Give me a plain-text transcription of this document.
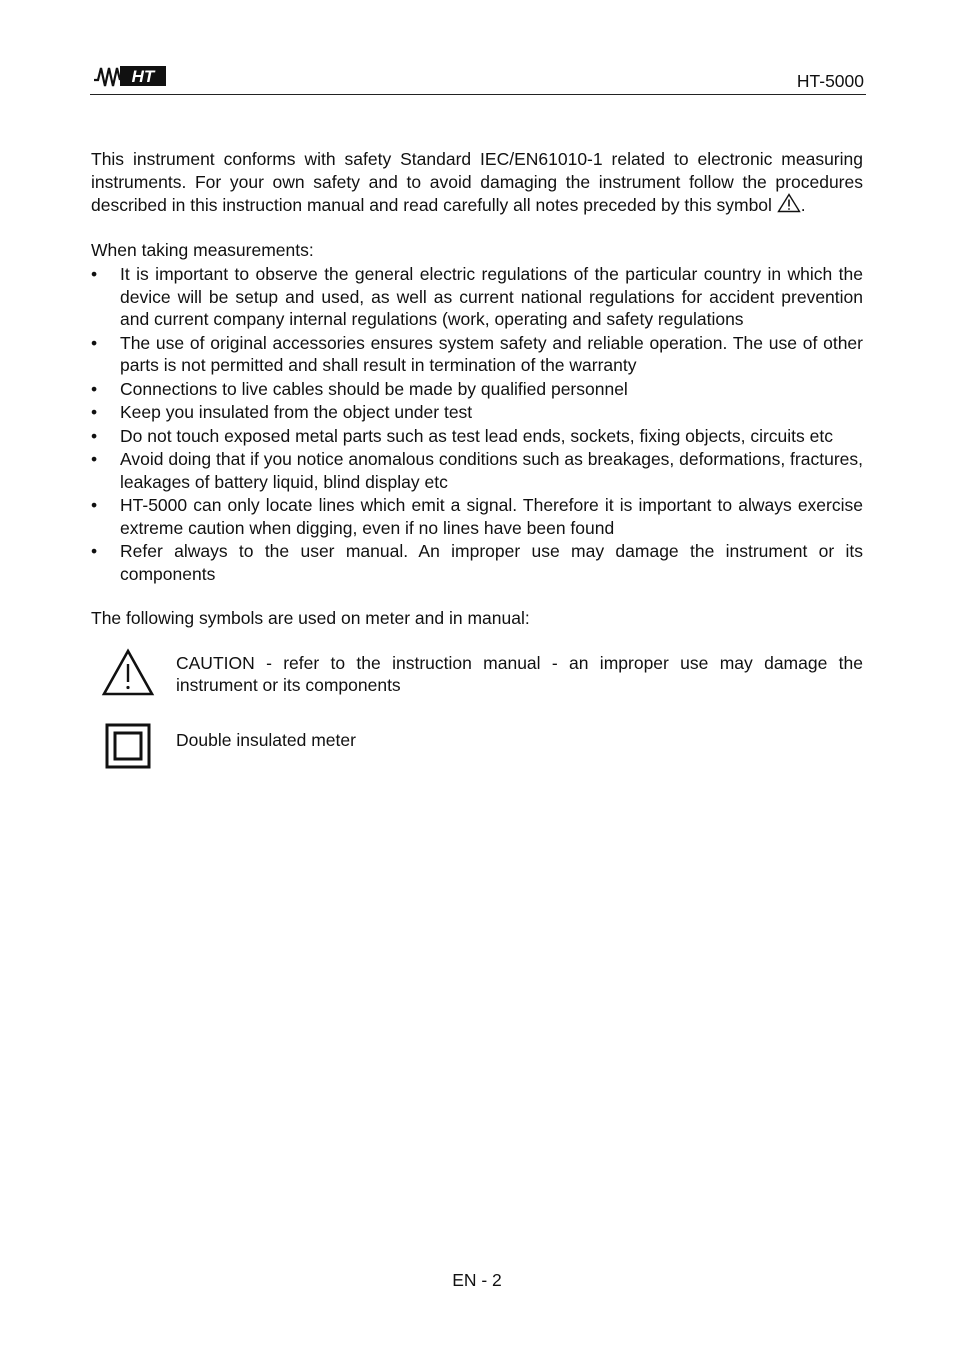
HT	HT-5000

This instrument conforms with safety Standard IEC/EN61010-1 related to electronic measuring instruments. For your own safety and to avoid damaging the instrument follow the procedures described in this instruction manual and read carefully all notes preceded by this symbol .

When taking measurements:

• It is important to observe the general electric regulations of the particular country in which the device will be setup and used, as well as current national regulations for accident prevention and current company internal regulations (work, operating and safety regulations
• The use of original accessories ensures system safety and reliable operation. The use of other parts is not permitted and shall result in termination of the warranty
• Connections to live cables should be made by qualified personnel
• Keep you insulated from the object under test
• Do not touch exposed metal parts such as test lead ends, sockets, fixing objects, circuits etc
• Avoid doing that if you notice anomalous conditions such as breakages, deformations, fractures, leakages of battery liquid, blind display etc
• HT-5000 can only locate lines which emit a signal. Therefore it is important to always exercise extreme caution when digging, even if no lines have been found
• Refer always to the user manual. An improper use may damage the instrument or its components

The following symbols are used on meter and in manual:

CAUTION - refer to the instruction manual - an improper use may damage the instrument or its components

Double insulated meter

EN - 2
